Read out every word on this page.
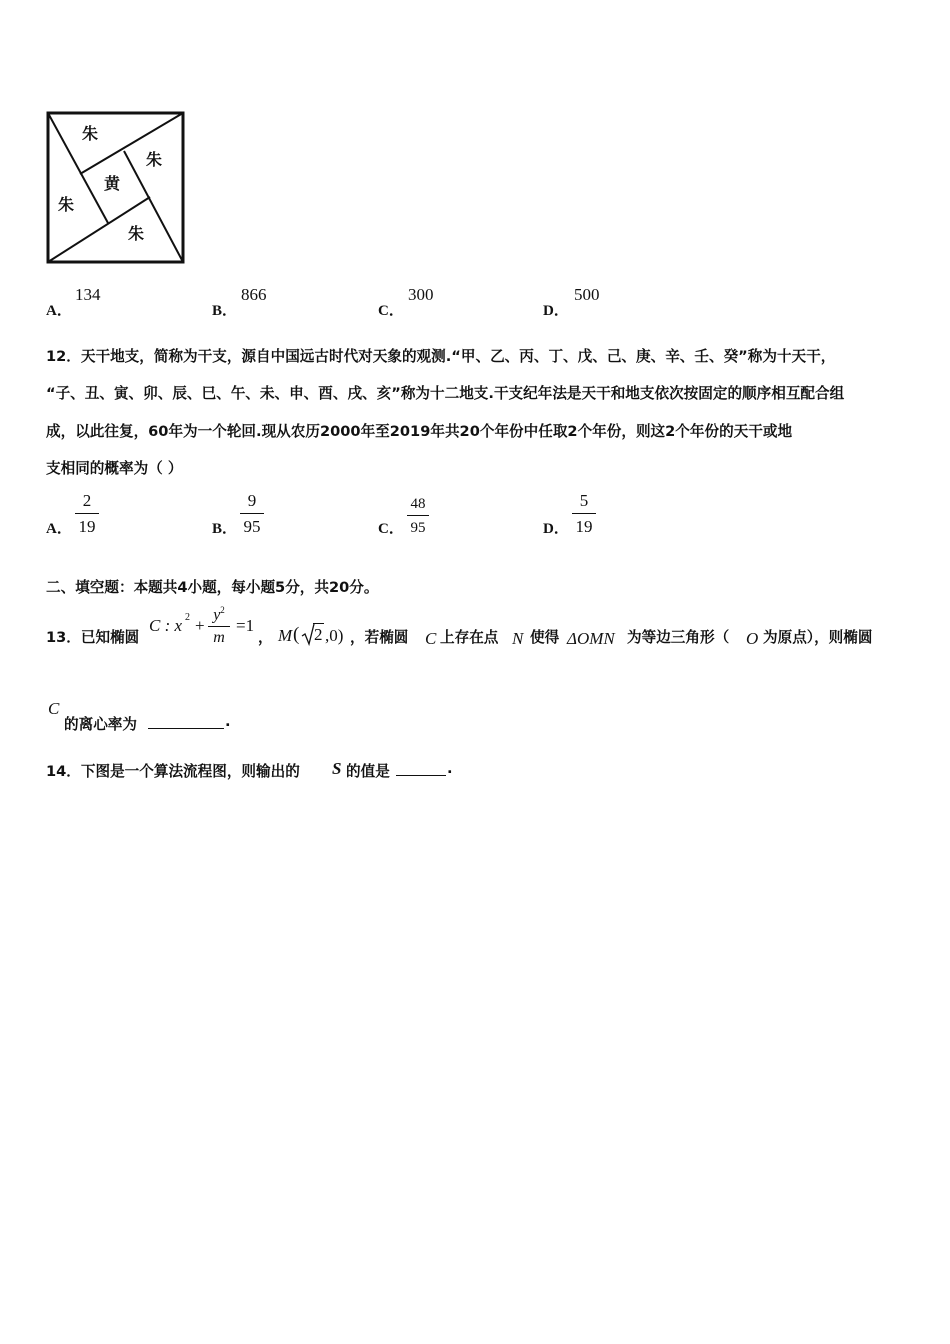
朱
朱
黄
朱
朱
A．
134
B．
866
C．
300
D．
500
12．天干地支，简称为干支，源自中国远古时代对天象的观测.“甲、乙、丙、丁、戊、己、庚、辛、壬、癸”称为十天干，
“子、丑、寅、卯、辰、巳、午、未、申、酉、戌、亥”称为十二地支.干支纪年法是天干和地支依次按固定的顺序相互配合组
成，以此往复，60年为一个轮回.现从农历2000年至2019年共20个年份中任取2个年份，则这2个年份的天干或地
支相同的概率为（ ）
A．
2
19	B．
9
95	C．
48
95	D．
5
19
二、填空题：本题共4小题，每小题5分，共20分。
13．已知椭圆
C : x 2 +
$y^2$
m
=1
， M ( 2 ,0) ，若椭圆 C 上存在点 N 使得 ΔOMN 为等边三角形（ O 为原点），则椭圆
C
的离心率为	.
14．下图是一个算法流程图，则输出的 S 的值是	.
